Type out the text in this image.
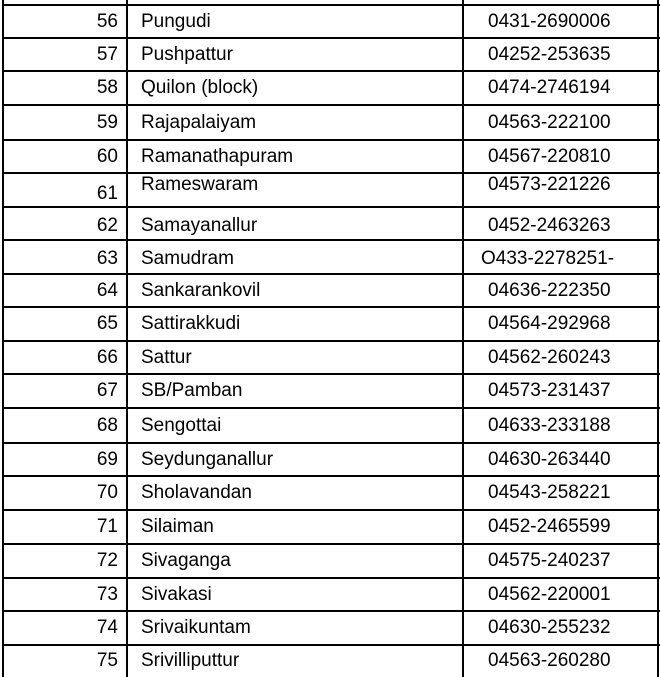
56 Pungudi	0431-2690006
57 Pushpattur	04252-253635
58 Quilon (block)	0474-2746194
59 Rajapalaiyam	04563-222100
60 Ramanathapuram	04567-220810
61 Rameswaram	04573-221226
62 Samayanallur	0452-2463263
63 Samudram	O433-2278251-
64 Sankarankovil	04636-222350
65 Sattirakkudi	04564-292968
66 Sattur	04562-260243
67 SB/Pamban	04573-231437
68 Sengottai	04633-233188
69 Seydunganallur	04630-263440
70 Sholavandan	04543-258221
71 Silaiman	0452-2465599
72 Sivaganga	04575-240237
73 Sivakasi	04562-220001
74 Srivaikuntam	04630-255232
75 Srivilliputtur	04563-260280
